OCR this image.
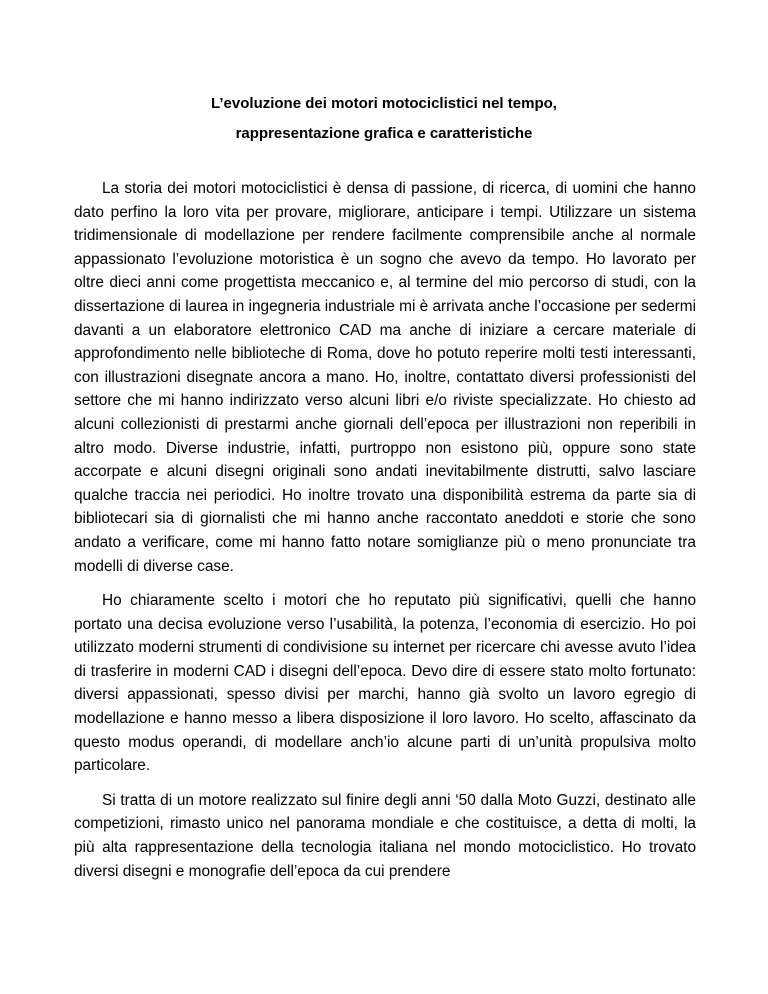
L’evoluzione dei motori motociclistici nel tempo,
rappresentazione grafica e caratteristiche

La storia dei motori motociclistici è densa di passione, di ricerca, di uomini che hanno dato perfino la loro vita per provare, migliorare, anticipare i tempi. Utilizzare un sistema tridimensionale di modellazione per rendere facilmente comprensibile anche al normale appassionato l’evoluzione motoristica è un sogno che avevo da tempo. Ho lavorato per oltre dieci anni come progettista meccanico e, al termine del mio percorso di studi, con la dissertazione di laurea in ingegneria industriale mi è arrivata anche l’occasione per sedermi davanti a un elaboratore elettronico CAD ma anche di iniziare a cercare materiale di approfondimento nelle biblioteche di Roma, dove ho potuto reperire molti testi interessanti, con illustrazioni disegnate ancora a mano. Ho, inoltre, contattato diversi professionisti del settore che mi hanno indirizzato verso alcuni libri e/o riviste specializzate. Ho chiesto ad alcuni collezionisti di prestarmi anche giornali dell’epoca per illustrazioni non reperibili in altro modo. Diverse industrie, infatti, purtroppo non esistono più, oppure sono state accorpate e alcuni disegni originali sono andati inevitabilmente distrutti, salvo lasciare qualche traccia nei periodici. Ho inoltre trovato una disponibilità estrema da parte sia di bibliotecari sia di giornalisti che mi hanno anche raccontato aneddoti e storie che sono andato a verificare, come mi hanno fatto notare somiglianze più o meno pronunciate tra modelli di diverse case.

Ho chiaramente scelto i motori che ho reputato più significativi, quelli che hanno portato una decisa evoluzione verso l’usabilità, la potenza, l’economia di esercizio. Ho poi utilizzato moderni strumenti di condivisione su internet per ricercare chi avesse avuto l’idea di trasferire in moderni CAD i disegni dell’epoca. Devo dire di essere stato molto fortunato: diversi appassionati, spesso divisi per marchi, hanno già svolto un lavoro egregio di modellazione e hanno messo a libera disposizione il loro lavoro. Ho scelto, affascinato da questo modus operandi, di modellare anch’io alcune parti di un’unità propulsiva molto particolare.

Si tratta di un motore realizzato sul finire degli anni ‘50 dalla Moto Guzzi, destinato alle competizioni, rimasto unico nel panorama mondiale e che costituisce, a detta di molti, la più alta rappresentazione della tecnologia italiana nel mondo motociclistico. Ho trovato diversi disegni e monografie dell’epoca da cui prendere
